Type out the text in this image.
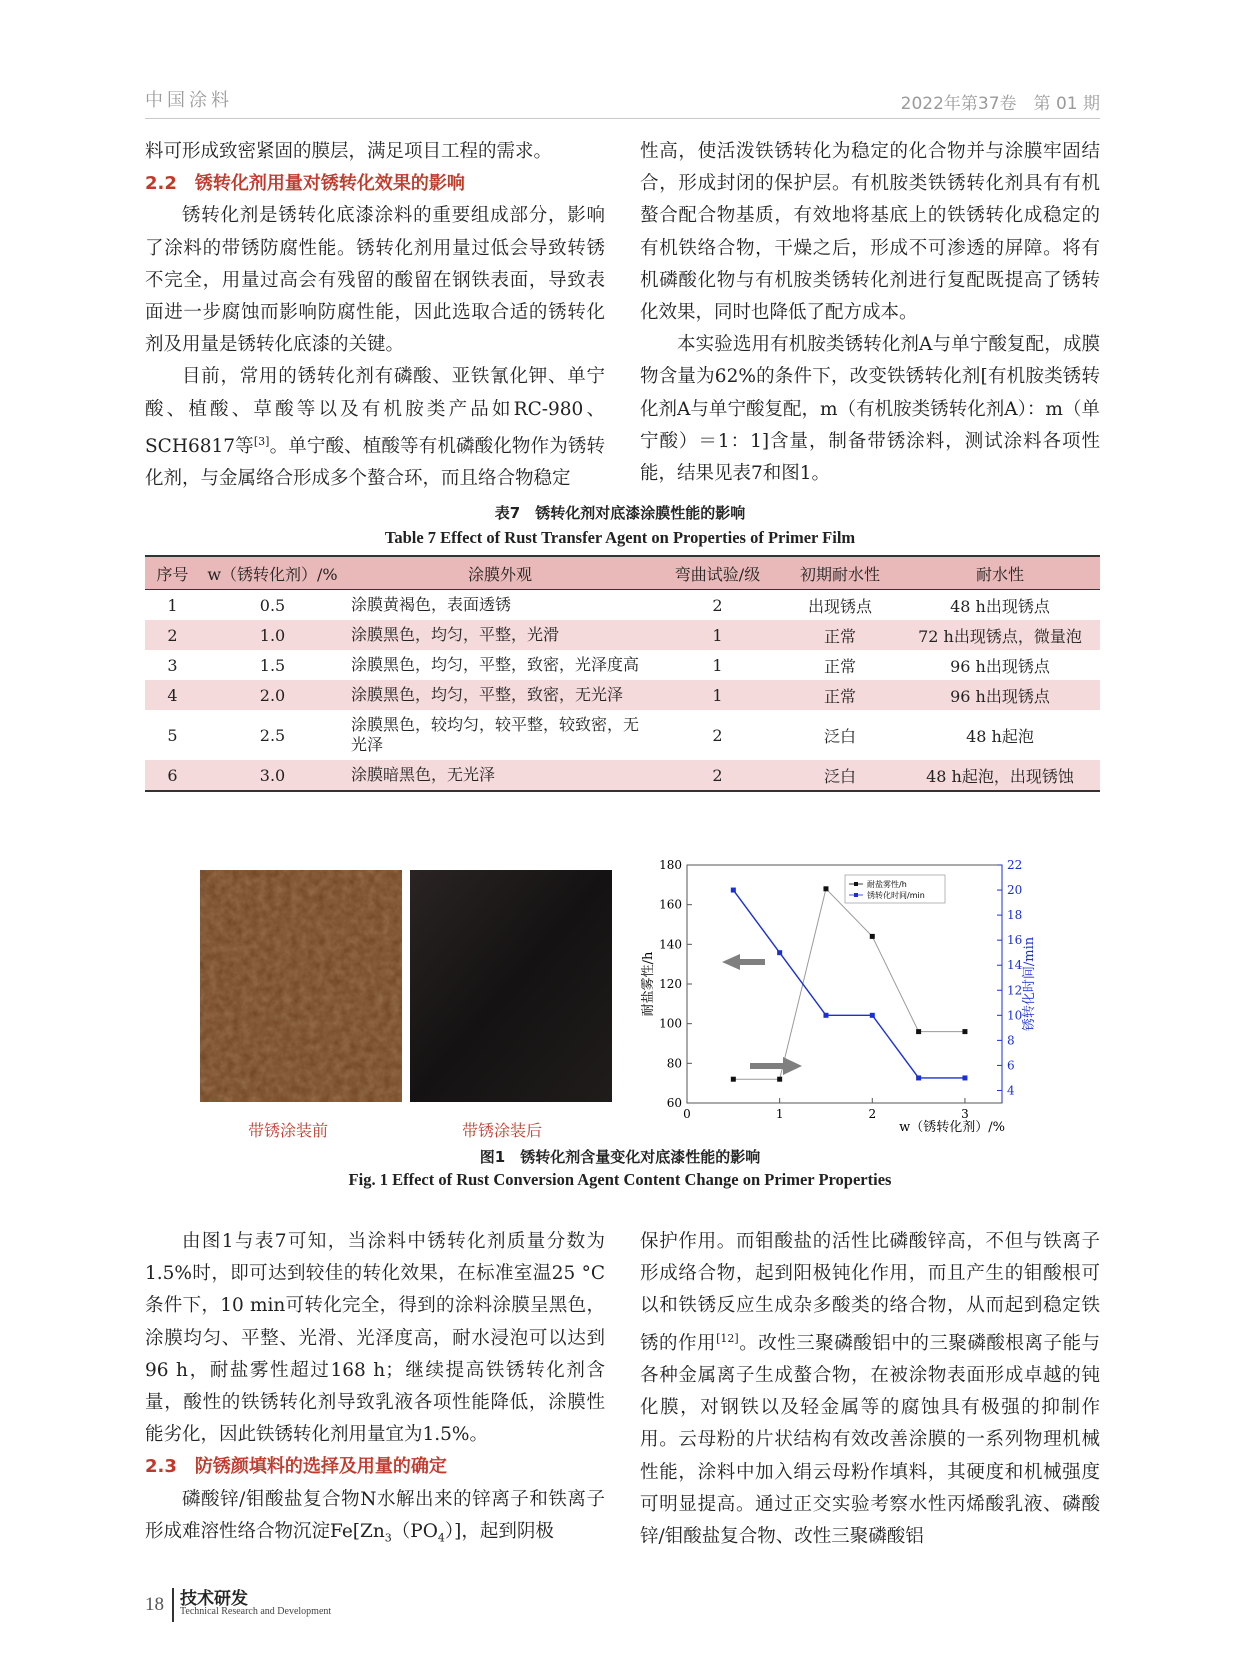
中国涂料	2022年第37卷　第 01 期

料可形成致密紧固的膜层，满足项目工程的需求。

2.2　锈转化剂用量对锈转化效果的影响

锈转化剂是锈转化底漆涂料的重要组成部分，影响了涂料的带锈防腐性能。锈转化剂用量过低会导致转锈不完全，用量过高会有残留的酸留在钢铁表面，导致表面进一步腐蚀而影响防腐性能，因此选取合适的锈转化剂及用量是锈转化底漆的关键。

目前，常用的锈转化剂有磷酸、亚铁氰化钾、单宁酸、植酸、草酸等以及有机胺类产品如RC-980、SCH6817等[3]。单宁酸、植酸等有机磷酸化物作为锈转化剂，与金属络合形成多个螯合环，而且络合物稳定

性高，使活泼铁锈转化为稳定的化合物并与涂膜牢固结合，形成封闭的保护层。有机胺类铁锈转化剂具有有机螯合配合物基质，有效地将基底上的铁锈转化成稳定的有机铁络合物，干燥之后，形成不可渗透的屏障。将有机磷酸化物与有机胺类锈转化剂进行复配既提高了锈转化效果，同时也降低了配方成本。

本实验选用有机胺类锈转化剂A与单宁酸复配，成膜物含量为62%的条件下，改变铁锈转化剂[有机胺类锈转化剂A与单宁酸复配，m（有机胺类锈转化剂A）：m（单宁酸）＝1：1]含量，制备带锈涂料，测试涂料各项性能，结果见表7和图1。

表7　锈转化剂对底漆涂膜性能的影响
Table 7 Effect of Rust Transfer Agent on Properties of Primer Film
序号	w（锈转化剂）/%	涂膜外观	弯曲试验/级	初期耐水性	耐水性
1	0.5	涂膜黄褐色，表面透锈	2	出现锈点	48 h出现锈点
2	1.0	涂膜黑色，均匀，平整，光滑	1	正常	72 h出现锈点，微量泡
3	1.5	涂膜黑色，均匀，平整，致密，光泽度高	1	正常	96 h出现锈点
4	2.0	涂膜黑色，均匀，平整，致密，无光泽	1	正常	96 h出现锈点
5	2.5	涂膜黑色，较均匀，较平整，较致密，无光泽	2	泛白	48 h起泡
6	3.0	涂膜暗黑色，无光泽	2	泛白	48 h起泡，出现锈蚀
带锈涂装前	带锈涂装后
0	1	2	3
60
80
100
120
140
160
180
4
6
8
10
12
14
16
18
20
22
耐盐雾性/h
锈转化时间/min
w（锈转化剂）/%
耐盐雾性/h	锈转化时间/min
图1　锈转化剂含量变化对底漆性能的影响
Fig. 1 Effect of Rust Conversion Agent Content Change on Primer Properties

由图1与表7可知，当涂料中锈转化剂质量分数为1.5%时，即可达到较佳的转化效果，在标准室温25 °C条件下，10 min可转化完全，得到的涂料涂膜呈黑色，涂膜均匀、平整、光滑、光泽度高，耐水浸泡可以达到96 h，耐盐雾性超过168 h；继续提高铁锈转化剂含量，酸性的铁锈转化剂导致乳液各项性能降低，涂膜性能劣化，因此铁锈转化剂用量宜为1.5%。

2.3　防锈颜填料的选择及用量的确定

磷酸锌/钼酸盐复合物N水解出来的锌离子和铁离子形成难溶性络合物沉淀$Fe[Zn_3(PO_4)]$，起到阴极

保护作用。而钼酸盐的活性比磷酸锌高，不但与铁离子形成络合物，起到阳极钝化作用，而且产生的钼酸根可以和铁锈反应生成杂多酸类的络合物，从而起到稳定铁锈的作用[12]。改性三聚磷酸铝中的三聚磷酸根离子能与各种金属离子生成螯合物，在被涂物表面形成卓越的钝化膜，对钢铁以及轻金属等的腐蚀具有极强的抑制作用。云母粉的片状结构有效改善涂膜的一系列物理机械性能，涂料中加入绢云母粉作填料，其硬度和机械强度可明显提高。通过正交实验考察水性丙烯酸乳液、磷酸锌/钼酸盐复合物、改性三聚磷酸铝

18 技术研发
Technical Research and Development
